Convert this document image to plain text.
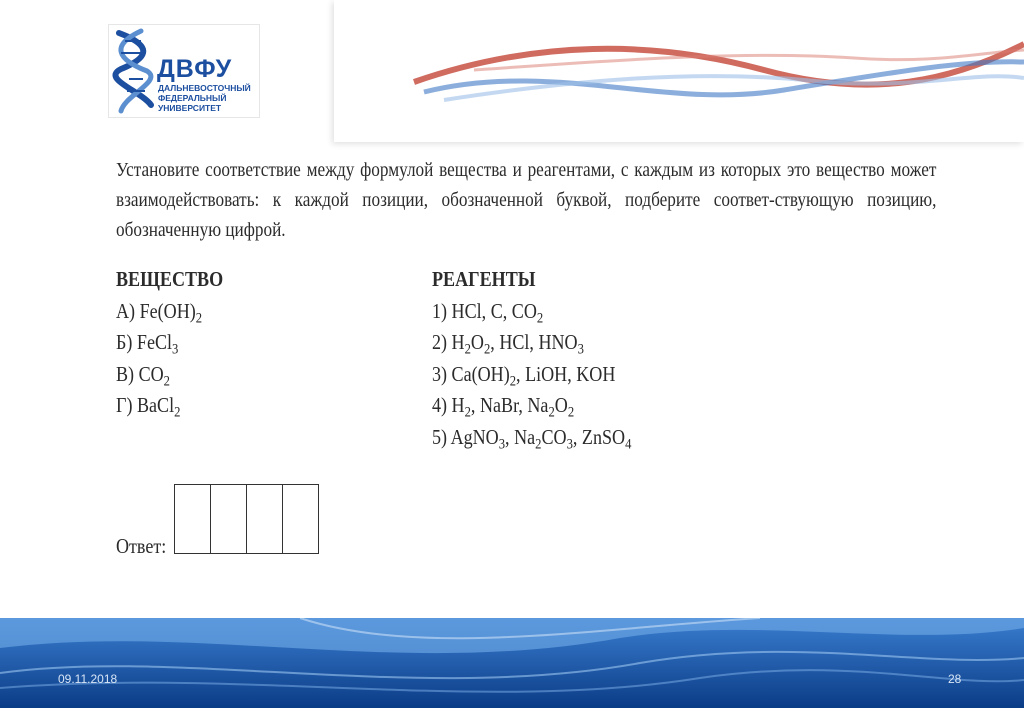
ДВФУ
ДАЛЬНЕВОСТОЧНЫЙ
ФЕДЕРАЛЬНЫЙ
УНИВЕРСИТЕТ
Установите соответствие между формулой вещества и реагентами, с каждым из которых это вещество может взаимодействовать: к каждой позиции, обозначенной буквой, подберите соответ-ствующую позицию, обозначенную цифрой.
ВЕЩЕСТВО
А) $Fe(OH)_2$
Б) FeCl$_3$
В) $CO_2$
Г) BaCl$_2$
РЕАГЕНТЫ
1) HCl, C, $CO_2$
2) $H_2O_2$, HCl, $HNO_3$
3) $Ca(OH)_2$, LiOH, KOH
4) $H_2$, NaBr, $Na_2O_2$
5) AgNO$_3$, $Na_2CO_3$, ZnSO$_4$
Ответ:
09.11.2018	28
